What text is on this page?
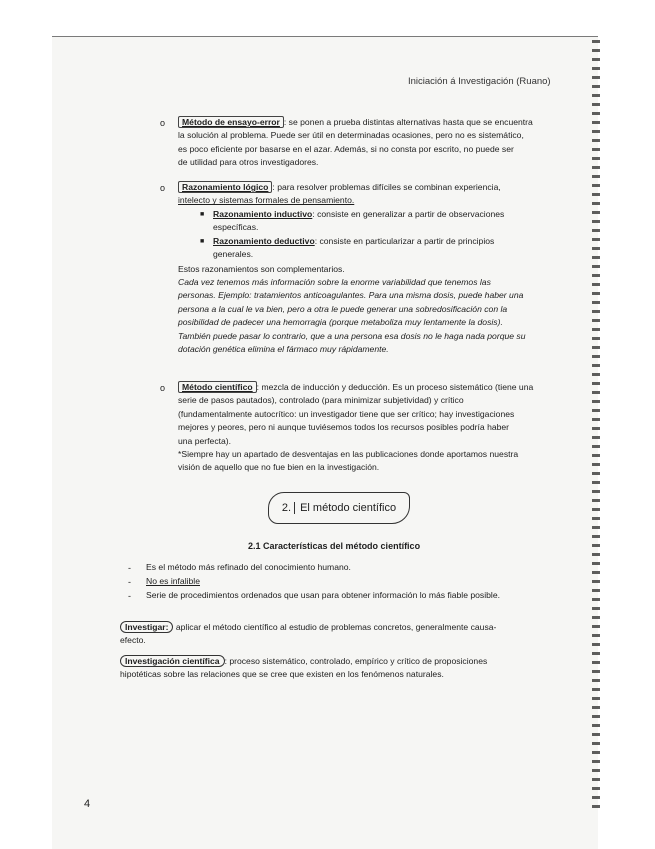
Iniciación á Investigación (Ruano)
o	Método de ensayo-error : se ponen a prueba distintas alternativas hasta que se encuentra
la solución al problema. Puede ser útil en determinadas ocasiones, pero no es sistemático,
es poco eficiente por basarse en el azar. Además, si no consta por escrito, no puede ser
de utilidad para otros investigadores.
o	Razonamiento lógico : para resolver problemas difíciles se combinan experiencia,
intelecto y sistemas formales de pensamiento.
■ Razonamiento inductivo: consiste en generalizar a partir de observaciones
específicas.
■ Razonamiento deductivo: consiste en particularizar a partir de principios
generales.
Estos razonamientos son complementarios.
Cada vez tenemos más información sobre la enorme variabilidad que tenemos las
personas. Ejemplo: tratamientos anticoagulantes. Para una misma dosis, puede haber una
persona a la cual le va bien, pero a otra le puede generar una sobredosificación con la
posibilidad de padecer una hemorragia (porque metaboliza muy lentamente la dosis).
También puede pasar lo contrario, que a una persona esa dosis no le haga nada porque su
dotación genética elimina el fármaco muy rápidamente.
o	Método científico : mezcla de inducción y deducción. Es un proceso sistemático (tiene una
serie de pasos pautados), controlado (para minimizar subjetividad) y crítico
(fundamentalmente autocrítico: un investigador tiene que ser crítico; hay investigaciones
mejores y peores, pero ni aunque tuviésemos todos los recursos posibles podría haber
una perfecta).
*Siempre hay un apartado de desventajas en las publicaciones donde aportamos nuestra
visión de aquello que no fue bien en la investigación.
2. El método científico
2.1 Características del método científico
- Es el método más refinado del conocimiento humano.
- No es infalible
- Serie de procedimientos ordenados que usan para obtener información lo más fiable posible.
Investigar: aplicar el método científico al estudio de problemas concretos, generalmente causa-
efecto.
Investigación científica : proceso sistemático, controlado, empírico y crítico de proposiciones
hipotéticas sobre las relaciones que se cree que existen en los fenómenos naturales.
4
